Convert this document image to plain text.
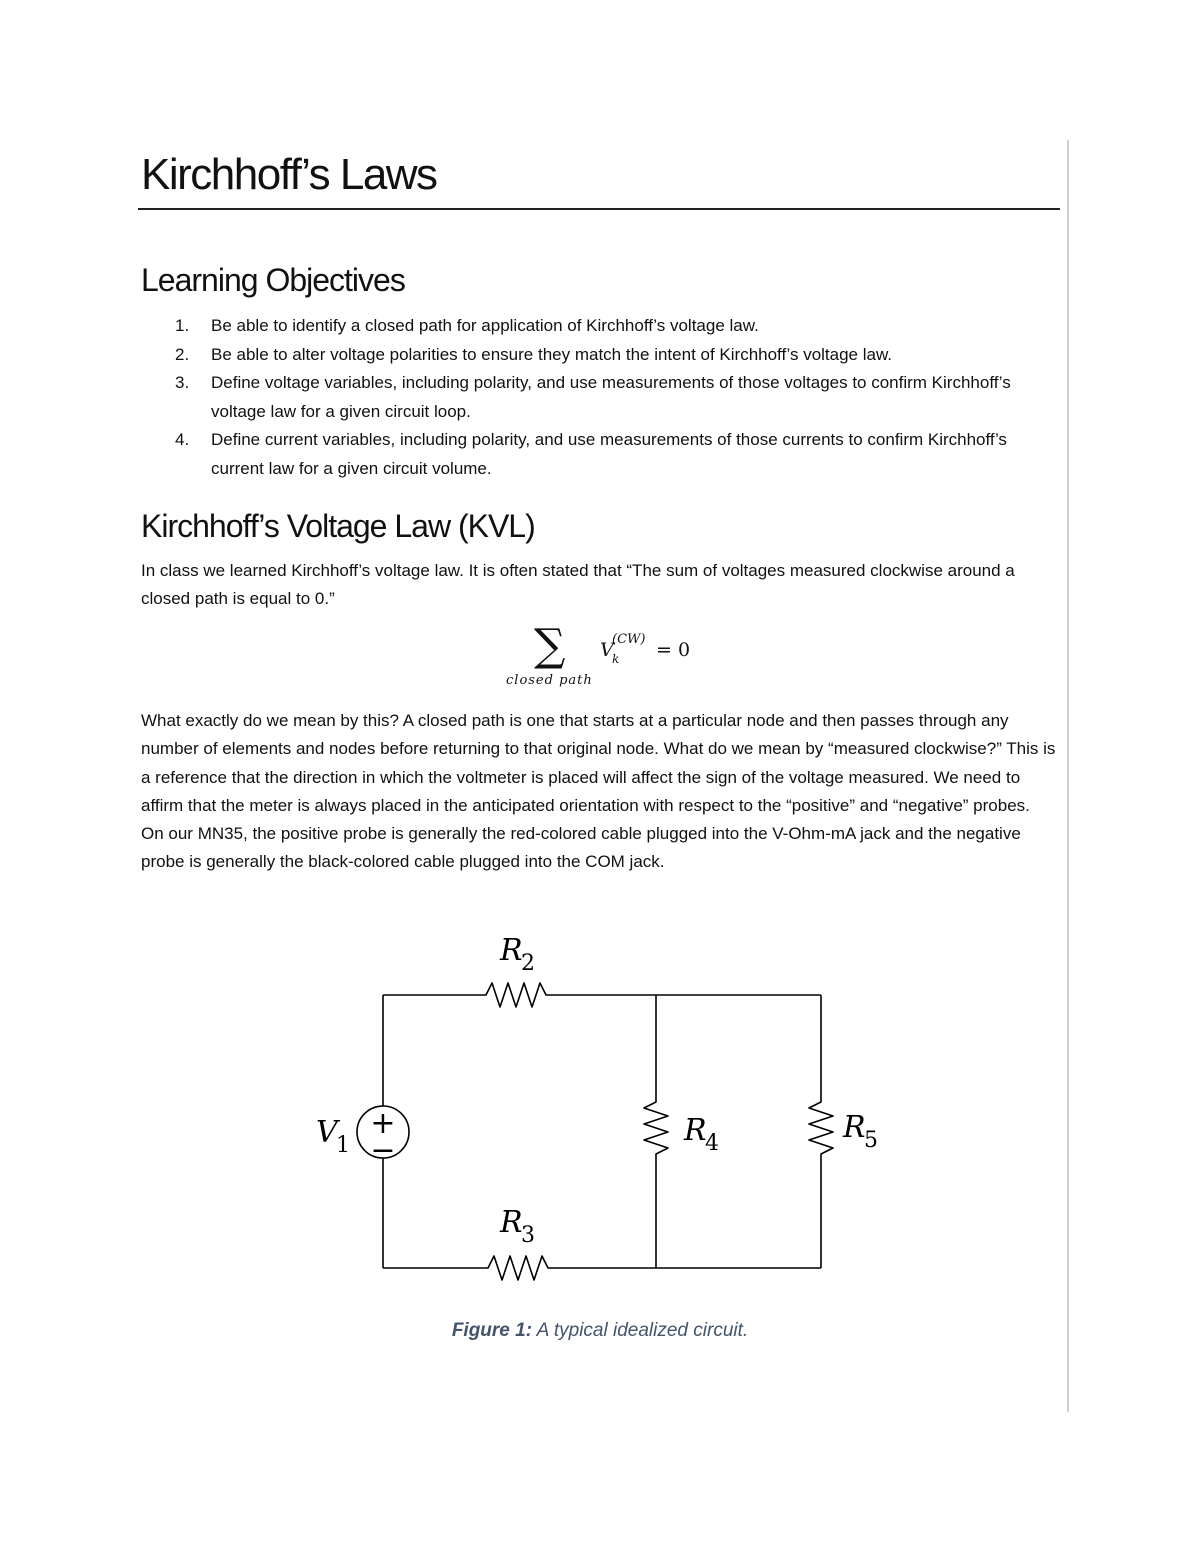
Kirchhoff’s Laws
Learning Objectives
1. Be able to identify a closed path for application of Kirchhoff’s voltage law.
2. Be able to alter voltage polarities to ensure they match the intent of Kirchhoff’s voltage law.
3. Define voltage variables, including polarity, and use measurements of those voltages to confirm Kirchhoff’s voltage law for a given circuit loop.
4. Define current variables, including polarity, and use measurements of those currents to confirm Kirchhoff’s current law for a given circuit volume.
Kirchhoff’s Voltage Law (KVL)

In class we learned Kirchhoff’s voltage law. It is often stated that “The sum of voltages measured clockwise around a closed path is equal to 0.”

∑
closed path
V
(CW)
k = 0

What exactly do we mean by this? A closed path is one that starts at a particular node and then passes through any number of elements and nodes before returning to that original node. What do we mean by “measured clockwise?” This is a reference that the direction in which the voltmeter is placed will affect the sign of the voltage measured. We need to affirm that the meter is always placed in the anticipated orientation with respect to the “positive” and “negative” probes. On our MN35, the positive probe is generally the red-colored cable plugged into the V-Ohm-mA jack and the negative probe is generally the black-colored cable plugged into the COM jack.

+
−
V
1
R
2
R
3
R
4	R
5
Figure 1: A typical idealized circuit.
